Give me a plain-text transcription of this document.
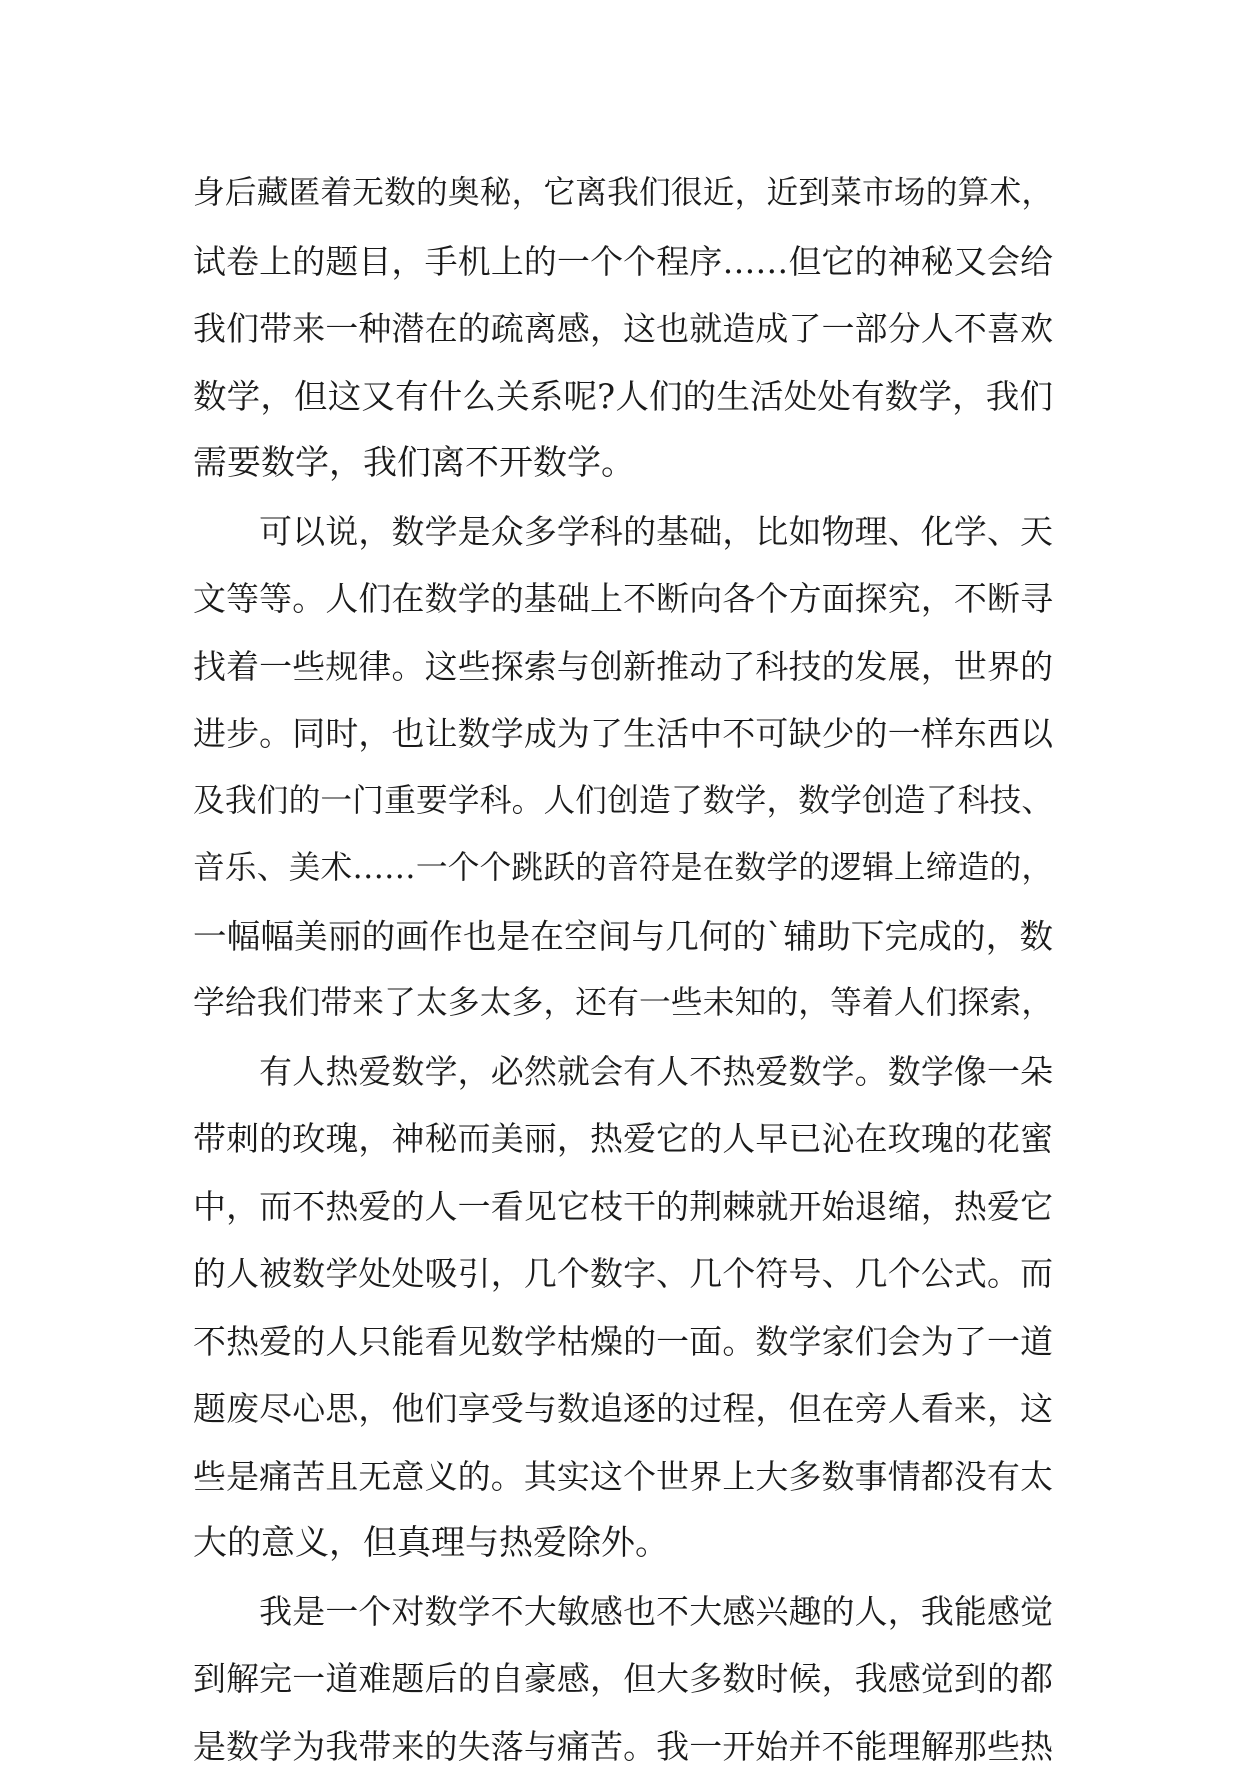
身后藏匿着无数的奥秘，它离我们很近，近到菜市场的算术，
试卷上的题目，手机上的一个个程序……但它的神秘又会给
我们带来一种潜在的疏离感，这也就造成了一部分人不喜欢
数学，但这又有什么关系呢?人们的生活处处有数学，我们
需要数学，我们离不开数学。
　　可以说，数学是众多学科的基础，比如物理、化学、天
文等等。人们在数学的基础上不断向各个方面探究，不断寻
找着一些规律。这些探索与创新推动了科技的发展，世界的
进步。同时，也让数学成为了生活中不可缺少的一样东西以
及我们的一门重要学科。人们创造了数学，数学创造了科技、
音乐、美术……一个个跳跃的音符是在数学的逻辑上缔造的，
一幅幅美丽的画作也是在空间与几何的`辅助下完成的，数
学给我们带来了太多太多，还有一些未知的，等着人们探索，
　　有人热爱数学，必然就会有人不热爱数学。数学像一朵
带刺的玫瑰，神秘而美丽，热爱它的人早已沁在玫瑰的花蜜
中，而不热爱的人一看见它枝干的荆棘就开始退缩，热爱它
的人被数学处处吸引，几个数字、几个符号、几个公式。而
不热爱的人只能看见数学枯燥的一面。数学家们会为了一道
题废尽心思，他们享受与数追逐的过程，但在旁人看来，这
些是痛苦且无意义的。其实这个世界上大多数事情都没有太
大的意义，但真理与热爱除外。
　　我是一个对数学不大敏感也不大感兴趣的人，我能感觉
到解完一道难题后的自豪感，但大多数时候，我感觉到的都
是数学为我带来的失落与痛苦。我一开始并不能理解那些热
